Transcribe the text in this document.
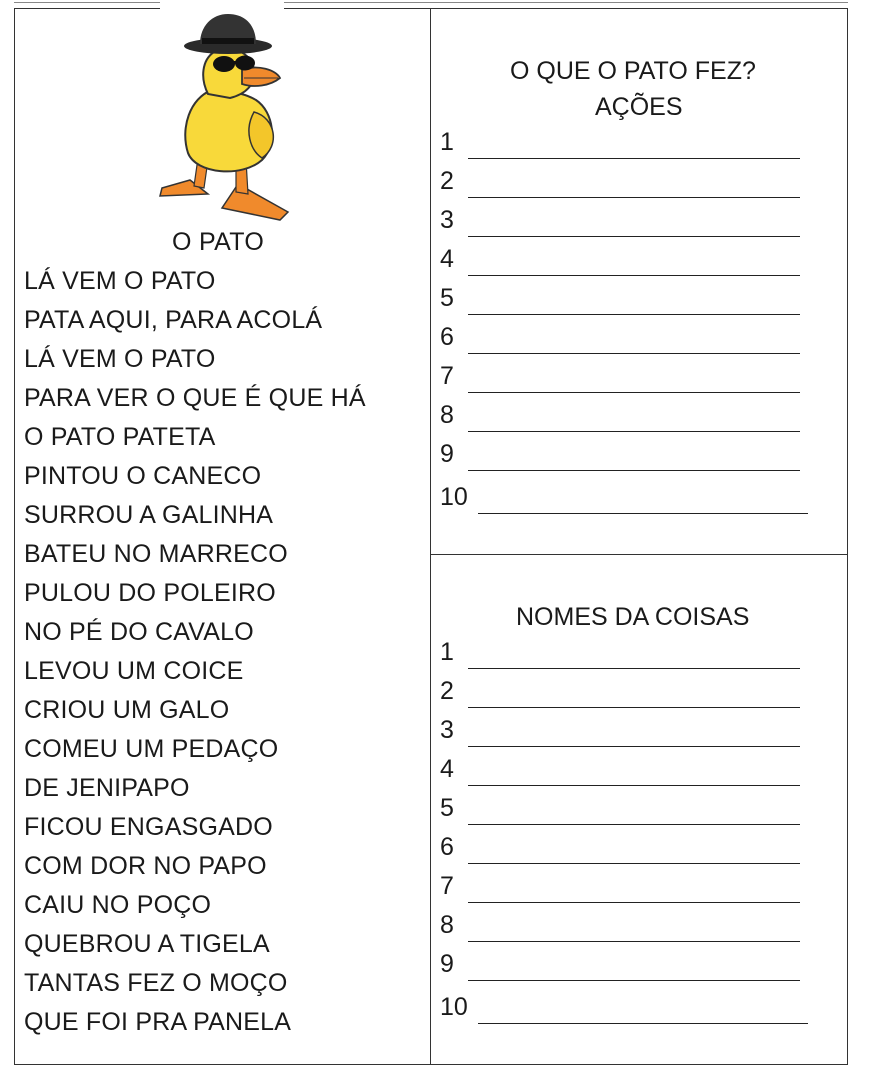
O PATO
LÁ VEM O PATO
PATA AQUI, PARA ACOLÁ
LÁ VEM O PATO
PARA VER O QUE É QUE HÁ
O PATO PATETA
PINTOU O CANECO
SURROU A GALINHA
BATEU NO MARRECO
PULOU DO POLEIRO
NO PÉ DO CAVALO
LEVOU UM COICE
CRIOU UM GALO
COMEU UM PEDAÇO
DE JENIPAPO
FICOU ENGASGADO
COM DOR NO PAPO
CAIU NO POÇO
QUEBROU A TIGELA
TANTAS FEZ O MOÇO
QUE FOI PRA PANELA
O QUE O PATO FEZ?
AÇÕES
1
2
3
4
5
6
7
8
9
10
NOMES DA COISAS
1
2
3
4
5
6
7
8
9
10
